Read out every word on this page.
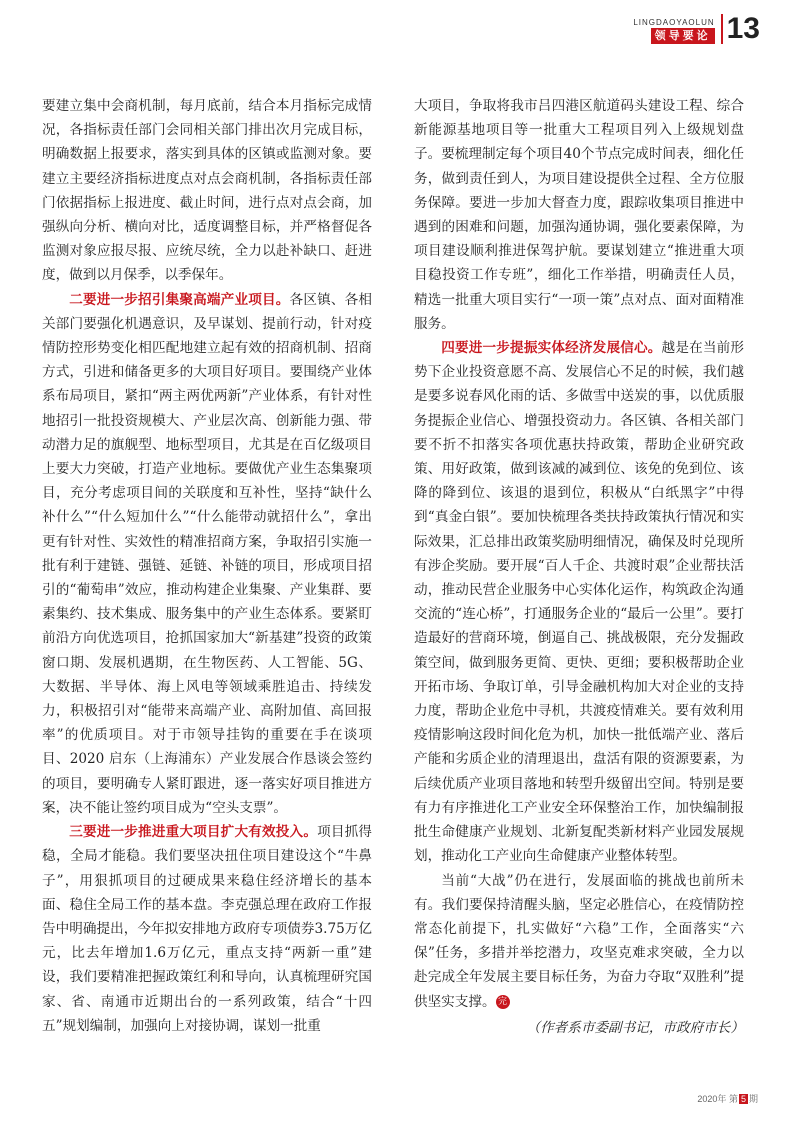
LINGDAOYAOLUN
领导要论 13

要建立集中会商机制，每月底前，结合本月指标完成情况，各指标责任部门会同相关部门排出次月完成目标，明确数据上报要求，落实到具体的区镇或监测对象。要建立主要经济指标进度点对点会商机制，各指标责任部门依据指标上报进度、截止时间，进行点对点会商，加强纵向分析、横向对比，适度调整目标，并严格督促各监测对象应报尽报、应统尽统，全力以赴补缺口、赶进度，做到以月保季，以季保年。

二要进一步招引集聚高端产业项目。各区镇、各相关部门要强化机遇意识，及早谋划、提前行动，针对疫情防控形势变化相匹配地建立起有效的招商机制、招商方式，引进和储备更多的大项目好项目。要围绕产业体系布局项目，紧扣“两主两优两新”产业体系，有针对性地招引一批投资规模大、产业层次高、创新能力强、带动潜力足的旗舰型、地标型项目，尤其是在百亿级项目上要大力突破，打造产业地标。要做优产业生态集聚项目，充分考虑项目间的关联度和互补性，坚持“缺什么补什么”“什么短加什么”“什么能带动就招什么”，拿出更有针对性、实效性的精准招商方案，争取招引实施一批有利于建链、强链、延链、补链的项目，形成项目招引的“葡萄串”效应，推动构建企业集聚、产业集群、要素集约、技术集成、服务集中的产业生态体系。要紧盯前沿方向优选项目，抢抓国家加大“新基建”投资的政策窗口期、发展机遇期，在生物医药、人工智能、5G、大数据、半导体、海上风电等领域乘胜追击、持续发力，积极招引对“能带来高端产业、高附加值、高回报率”的优质项目。对于市领导挂钩的重要在手在谈项目、2020 启东（上海浦东）产业发展合作恳谈会签约的项目，要明确专人紧盯跟进，逐一落实好项目推进方案，决不能让签约项目成为“空头支票”。

三要进一步推进重大项目扩大有效投入。项目抓得稳，全局才能稳。我们要坚决扭住项目建设这个“牛鼻子”，用狠抓项目的过硬成果来稳住经济增长的基本面、稳住全局工作的基本盘。李克强总理在政府工作报告中明确提出，今年拟安排地方政府专项债券3.75万亿元，比去年增加1.6万亿元，重点支持“两新一重”建设，我们要精准把握政策红利和导向，认真梳理研究国家、省、南通市近期出台的一系列政策，结合“十四五”规划编制，加强向上对接协调，谋划一批重

大项目，争取将我市吕四港区航道码头建设工程、综合新能源基地项目等一批重大工程项目列入上级规划盘子。要梳理制定每个项目40个节点完成时间表，细化任务，做到责任到人，为项目建设提供全过程、全方位服务保障。要进一步加大督查力度，跟踪收集项目推进中遇到的困难和问题，加强沟通协调，强化要素保障，为项目建设顺利推进保驾护航。要谋划建立“推进重大项目稳投资工作专班”，细化工作举措，明确责任人员，精选一批重大项目实行“一项一策”点对点、面对面精准服务。

四要进一步提振实体经济发展信心。越是在当前形势下企业投资意愿不高、发展信心不足的时候，我们越是要多说春风化雨的话、多做雪中送炭的事，以优质服务提振企业信心、增强投资动力。各区镇、各相关部门要不折不扣落实各项优惠扶持政策，帮助企业研究政策、用好政策，做到该减的减到位、该免的免到位、该降的降到位、该退的退到位，积极从“白纸黑字”中得到“真金白银”。要加快梳理各类扶持政策执行情况和实际效果，汇总排出政策奖励明细情况，确保及时兑现所有涉企奖励。要开展“百人千企、共渡时艰”企业帮扶活动，推动民营企业服务中心实体化运作，构筑政企沟通交流的“连心桥”，打通服务企业的“最后一公里”。要打造最好的营商环境，倒逼自己、挑战极限，充分发掘政策空间，做到服务更简、更快、更细；要积极帮助企业开拓市场、争取订单，引导金融机构加大对企业的支持力度，帮助企业危中寻机，共渡疫情难关。要有效利用疫情影响这段时间化危为机，加快一批低端产业、落后产能和劣质企业的清理退出，盘活有限的资源要素，为后续优质产业项目落地和转型升级留出空间。特别是要有力有序推进化工产业安全环保整治工作，加快编制报批生命健康产业规划、北新复配类新材料产业园发展规划，推动化工产业向生命健康产业整体转型。

当前“大战”仍在进行，发展面临的挑战也前所未有。我们要保持清醒头脑，坚定必胜信心，在疫情防控常态化前提下，扎实做好“六稳”工作，全面落实“六保”任务，多措并举挖潜力，攻坚克难求突破，全力以赴完成全年发展主要目标任务，为奋力夺取“双胜利”提供坚实支撑。 完

（作者系市委副书记，市政府市长）

2020年 第 5 期
